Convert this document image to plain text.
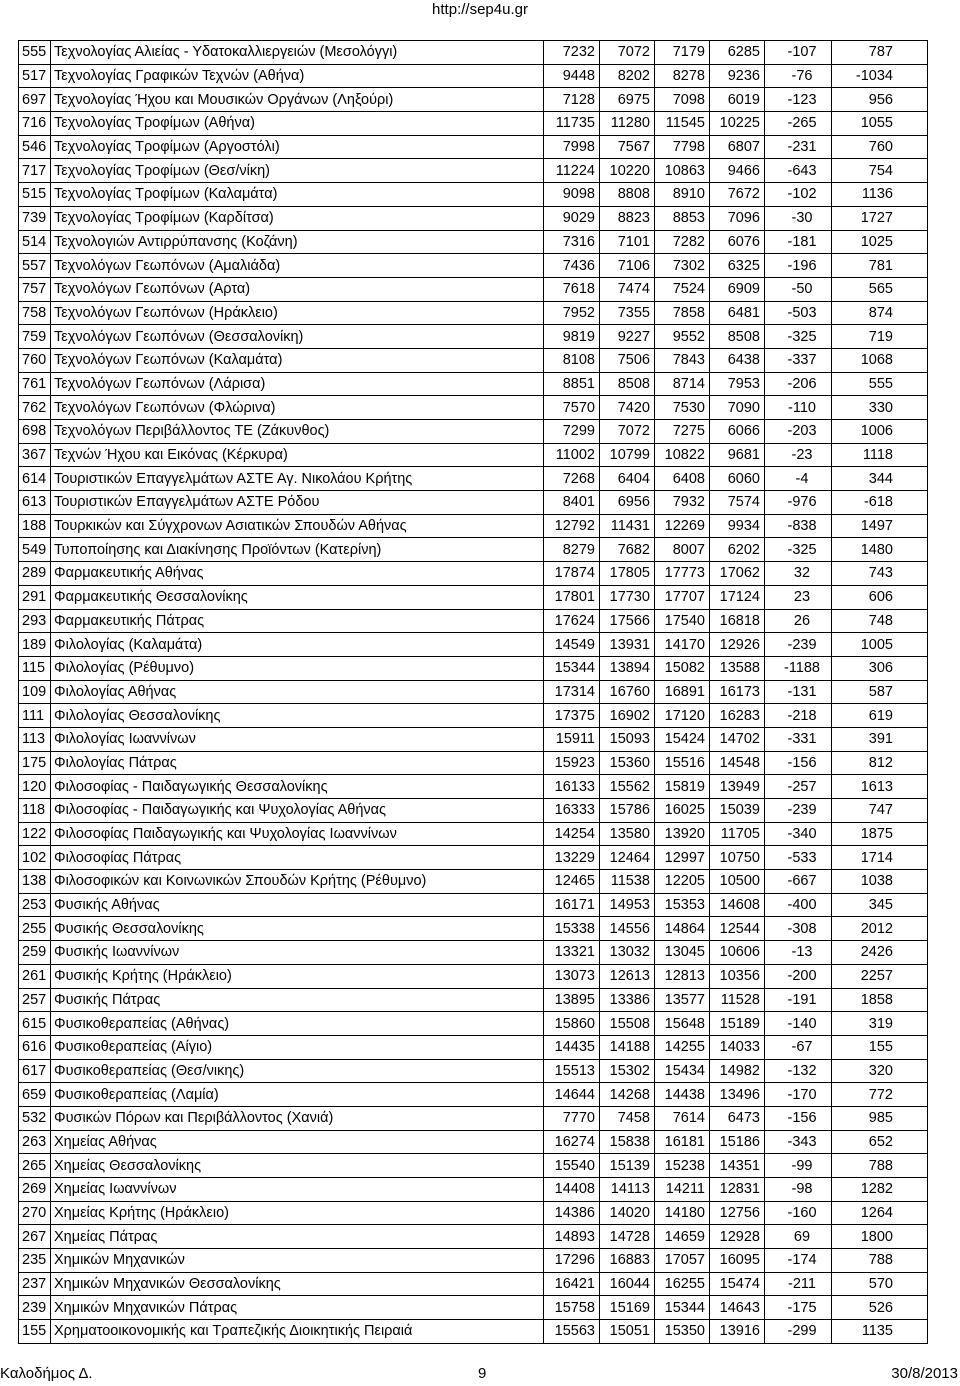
http://sep4u.gr
555	Τεχνολογίας Αλιείας - Υδατοκαλλιεργειών (Μεσολόγγι)	7232	7072	7179	6285	-107	787
517	Τεχνολογίας Γραφικών Τεχνών (Αθήνα)	9448	8202	8278	9236	-76	-1034
697	Τεχνολογίας Ήχου και Μουσικών Οργάνων (Ληξούρι)	7128	6975	7098	6019	-123	956
716	Τεχνολογίας Τροφίμων (Αθήνα)	11735	11280	11545	10225	-265	1055
546	Τεχνολογίας Τροφίμων (Αργοστόλι)	7998	7567	7798	6807	-231	760
717	Τεχνολογίας Τροφίμων (Θεσ/νίκη)	11224	10220	10863	9466	-643	754
515	Τεχνολογίας Τροφίμων (Καλαμάτα)	9098	8808	8910	7672	-102	1136
739	Τεχνολογίας Τροφίμων (Καρδίτσα)	9029	8823	8853	7096	-30	1727
514	Τεχνολογιών Αντιρρύπανσης (Κοζάνη)	7316	7101	7282	6076	-181	1025
557	Τεχνολόγων Γεωπόνων (Αμαλιάδα)	7436	7106	7302	6325	-196	781
757	Τεχνολόγων Γεωπόνων (Αρτα)	7618	7474	7524	6909	-50	565
758	Τεχνολόγων Γεωπόνων (Ηράκλειο)	7952	7355	7858	6481	-503	874
759	Τεχνολόγων Γεωπόνων (Θεσσαλονίκη)	9819	9227	9552	8508	-325	719
760	Τεχνολόγων Γεωπόνων (Καλαμάτα)	8108	7506	7843	6438	-337	1068
761	Τεχνολόγων Γεωπόνων (Λάρισα)	8851	8508	8714	7953	-206	555
762	Τεχνολόγων Γεωπόνων (Φλώρινα)	7570	7420	7530	7090	-110	330
698	Τεχνολόγων Περιβάλλοντος ΤΕ (Ζάκυνθος)	7299	7072	7275	6066	-203	1006
367	Τεχνών Ήχου και Εικόνας (Κέρκυρα)	11002	10799	10822	9681	-23	1118
614	Τουριστικών Επαγγελμάτων ΑΣΤΕ Αγ. Νικολάου Κρήτης	7268	6404	6408	6060	-4	344
613	Τουριστικών Επαγγελμάτων ΑΣΤΕ Ρόδου	8401	6956	7932	7574	-976	-618
188	Τουρκικών και Σύγχρονων Ασιατικών Σπουδών Αθήνας	12792	11431	12269	9934	-838	1497
549	Τυποποίησης και Διακίνησης Προϊόντων (Κατερίνη)	8279	7682	8007	6202	-325	1480
289	Φαρμακευτικής Αθήνας	17874	17805	17773	17062	32	743
291	Φαρμακευτικής Θεσσαλονίκης	17801	17730	17707	17124	23	606
293	Φαρμακευτικής Πάτρας	17624	17566	17540	16818	26	748
189	Φιλολογίας (Καλαμάτα)	14549	13931	14170	12926	-239	1005
115	Φιλολογίας (Ρέθυμνο)	15344	13894	15082	13588	-1188	306
109	Φιλολογίας Αθήνας	17314	16760	16891	16173	-131	587
111	Φιλολογίας Θεσσαλονίκης	17375	16902	17120	16283	-218	619
113	Φιλολογίας Ιωαννίνων	15911	15093	15424	14702	-331	391
175	Φιλολογίας Πάτρας	15923	15360	15516	14548	-156	812
120	Φιλοσοφίας - Παιδαγωγικής Θεσσαλονίκης	16133	15562	15819	13949	-257	1613
118	Φιλοσοφίας - Παιδαγωγικής και Ψυχολογίας Αθήνας	16333	15786	16025	15039	-239	747
122	Φιλοσοφίας Παιδαγωγικής και Ψυχολογίας Ιωαννίνων	14254	13580	13920	11705	-340	1875
102	Φιλοσοφίας Πάτρας	13229	12464	12997	10750	-533	1714
138	Φιλοσοφικών και Κοινωνικών Σπουδών Κρήτης (Ρέθυμνο)	12465	11538	12205	10500	-667	1038
253	Φυσικής Αθήνας	16171	14953	15353	14608	-400	345
255	Φυσικής Θεσσαλονίκης	15338	14556	14864	12544	-308	2012
259	Φυσικής Ιωαννίνων	13321	13032	13045	10606	-13	2426
261	Φυσικής Κρήτης (Ηράκλειο)	13073	12613	12813	10356	-200	2257
257	Φυσικής Πάτρας	13895	13386	13577	11528	-191	1858
615	Φυσικοθεραπείας (Αθήνας)	15860	15508	15648	15189	-140	319
616	Φυσικοθεραπείας (Αίγιο)	14435	14188	14255	14033	-67	155
617	Φυσικοθεραπείας (Θεσ/νικης)	15513	15302	15434	14982	-132	320
659	Φυσικοθεραπείας (Λαμία)	14644	14268	14438	13496	-170	772
532	Φυσικών Πόρων και Περιβάλλοντος (Χανιά)	7770	7458	7614	6473	-156	985
263	Χημείας Αθήνας	16274	15838	16181	15186	-343	652
265	Χημείας Θεσσαλονίκης	15540	15139	15238	14351	-99	788
269	Χημείας Ιωαννίνων	14408	14113	14211	12831	-98	1282
270	Χημείας Κρήτης (Ηράκλειο)	14386	14020	14180	12756	-160	1264
267	Χημείας Πάτρας	14893	14728	14659	12928	69	1800
235	Χημικών Μηχανικών	17296	16883	17057	16095	-174	788
237	Χημικών Μηχανικών Θεσσαλονίκης	16421	16044	16255	15474	-211	570
239	Χημικών Μηχανικών Πάτρας	15758	15169	15344	14643	-175	526
155	Χρηματοοικονομικής και Τραπεζικής Διοικητικής Πειραιά	15563	15051	15350	13916	-299	1135
Καλοδήμος Δ.	9	30/8/2013
